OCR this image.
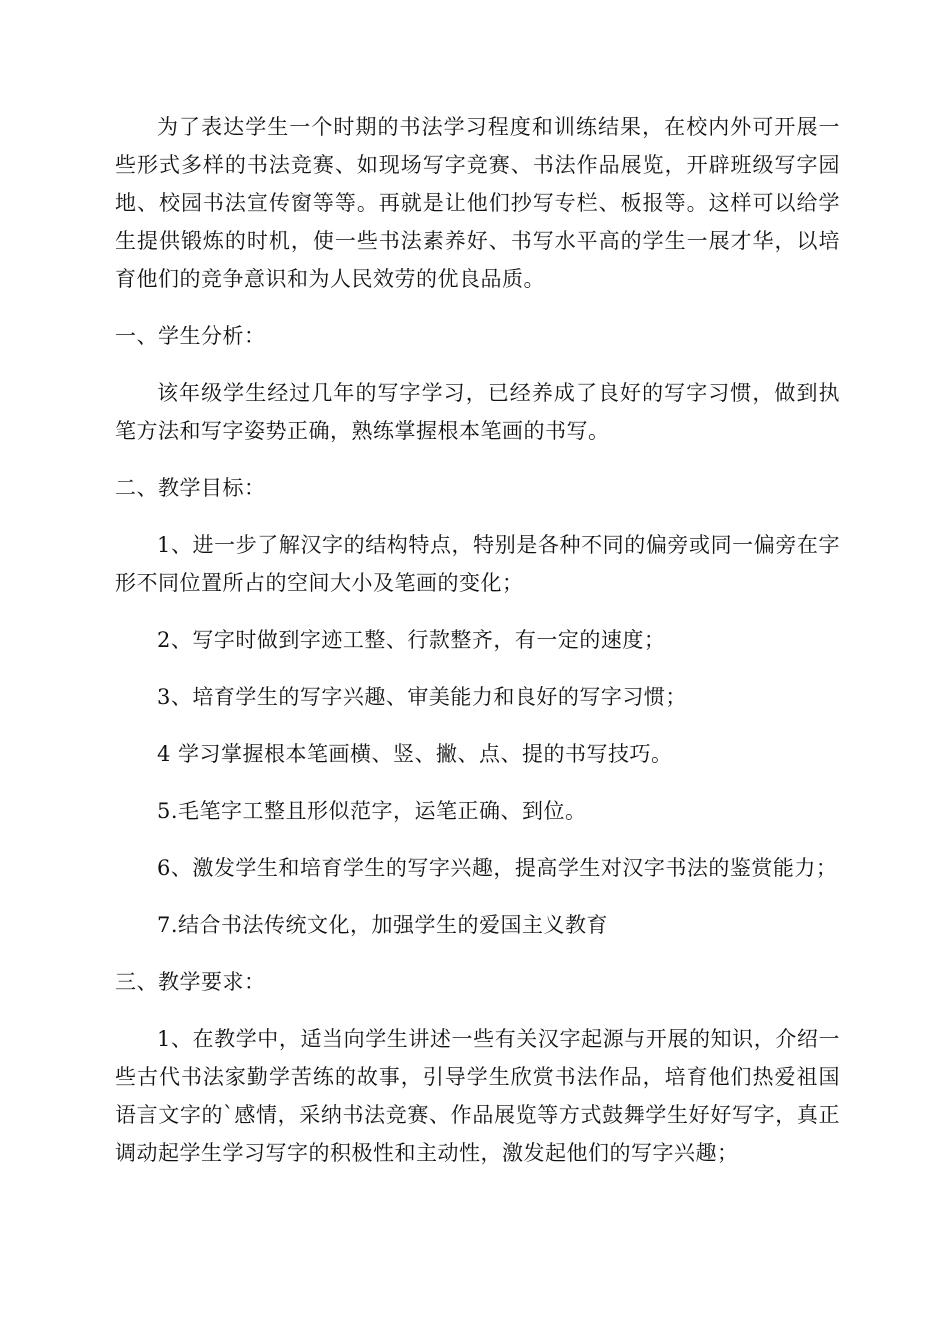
为了表达学生一个时期的书法学习程度和训练结果，在校内外可开展一些形式多样的书法竞赛、如现场写字竞赛、书法作品展览，开辟班级写字园地、校园书法宣传窗等等。再就是让他们抄写专栏、板报等。这样可以给学生提供锻炼的时机，使一些书法素养好、书写水平高的学生一展才华，以培育他们的竞争意识和为人民效劳的优良品质。

一、学生分析：

该年级学生经过几年的写字学习，已经养成了良好的写字习惯，做到执笔方法和写字姿势正确，熟练掌握根本笔画的书写。

二、教学目标：

1、进一步了解汉字的结构特点，特别是各种不同的偏旁或同一偏旁在字形不同位置所占的空间大小及笔画的变化；

2、写字时做到字迹工整、行款整齐，有一定的速度；

3、培育学生的写字兴趣、审美能力和良好的写字习惯；

4 学习掌握根本笔画横、竖、撇、点、提的书写技巧。

5.毛笔字工整且形似范字，运笔正确、到位。

6、激发学生和培育学生的写字兴趣，提高学生对汉字书法的鉴赏能力；

7.结合书法传统文化，加强学生的爱国主义教育

三、教学要求：

1、在教学中，适当向学生讲述一些有关汉字起源与开展的知识，介绍一些古代书法家勤学苦练的故事，引导学生欣赏书法作品，培育他们热爱祖国语言文字的`感情，采纳书法竞赛、作品展览等方式鼓舞学生好好写字，真正调动起学生学习写字的积极性和主动性，激发起他们的写字兴趣；
